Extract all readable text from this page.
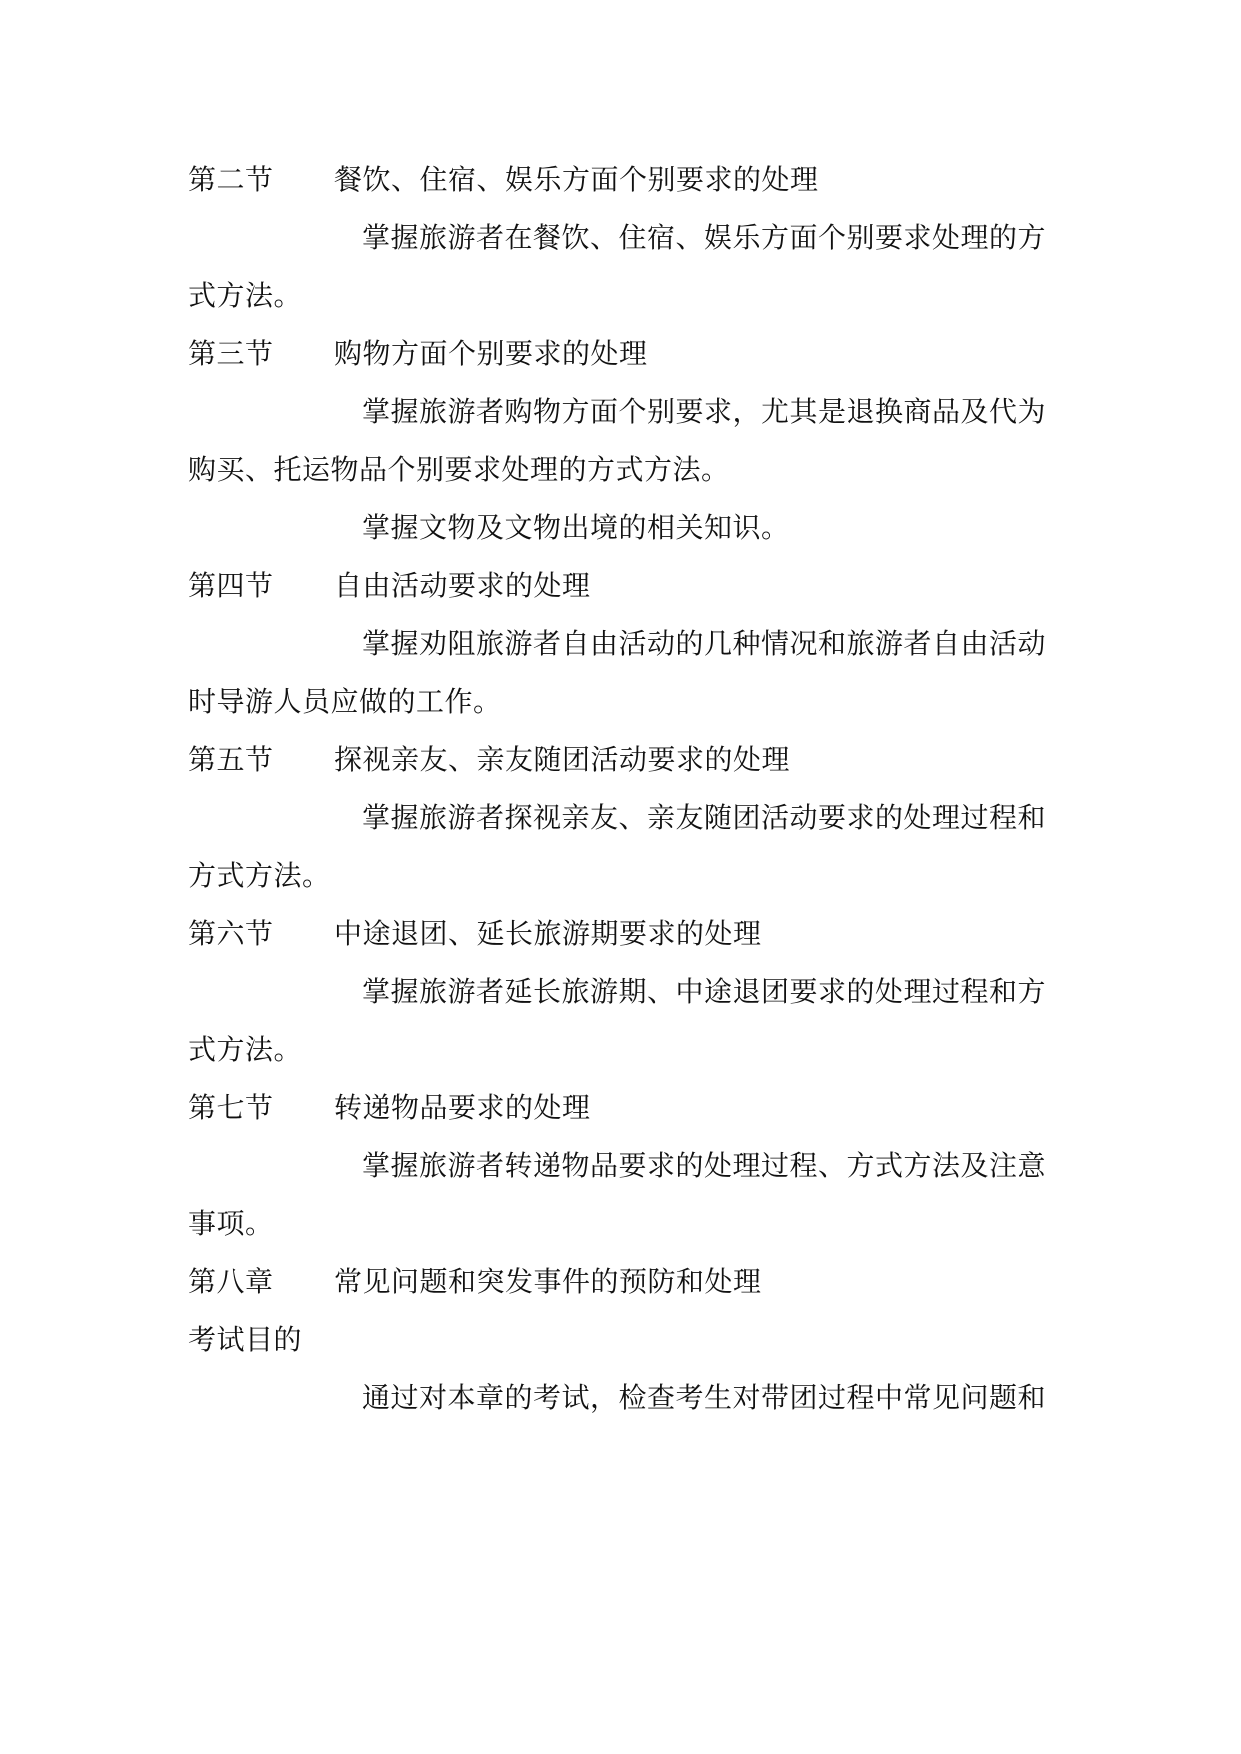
第二节 餐饮、住宿、娱乐方面个别要求的处理
掌握旅游者在餐饮、住宿、娱乐方面个别要求处理的方
式方法。
第三节 购物方面个别要求的处理
掌握旅游者购物方面个别要求，尤其是退换商品及代为
购买、托运物品个别要求处理的方式方法。
掌握文物及文物出境的相关知识。
第四节 自由活动要求的处理
掌握劝阻旅游者自由活动的几种情况和旅游者自由活动
时导游人员应做的工作。
第五节 探视亲友、亲友随团活动要求的处理
掌握旅游者探视亲友、亲友随团活动要求的处理过程和
方式方法。
第六节 中途退团、延长旅游期要求的处理
掌握旅游者延长旅游期、中途退团要求的处理过程和方
式方法。
第七节 转递物品要求的处理
掌握旅游者转递物品要求的处理过程、方式方法及注意
事项。
第八章 常见问题和突发事件的预防和处理
考试目的
通过对本章的考试，检查考生对带团过程中常见问题和
